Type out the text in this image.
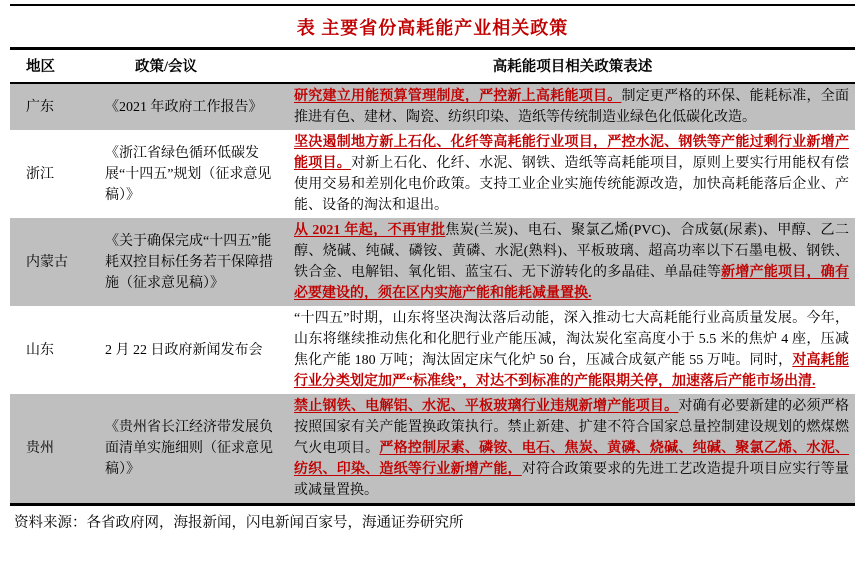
表 主要省份高耗能产业相关政策
地区	政策/会议	高耗能项目相关政策表述
广东	《2021 年政府工作报告》	研究建立用能预算管理制度，严控新上高耗能项目。制定更严格的环保、能耗标准，全面推进有色、建材、陶瓷、纺织印染、造纸等传统制造业绿色化低碳化改造。
浙江	《浙江省绿色循环低碳发展“十四五”规划（征求意见稿）》	坚决遏制地方新上石化、化纤等高耗能行业项目，严控水泥、钢铁等产能过剩行业新增产能项目。对新上石化、化纤、水泥、钢铁、造纸等高耗能项目，原则上要实行用能权有偿使用交易和差别化电价政策。支持工业企业实施传统能源改造，加快高耗能落后企业、产能、设备的淘汰和退出。
内蒙古	《关于确保完成“十四五”能耗双控目标任务若干保障措施（征求意见稿）》	从 2021 年起，不再审批焦炭(兰炭)、电石、聚氯乙烯(PVC)、合成氨(尿素)、甲醇、乙二醇、烧碱、纯碱、磷铵、黄磷、水泥(熟料)、平板玻璃、超高功率以下石墨电极、钢铁、铁合金、电解铝、氧化铝、蓝宝石、无下游转化的多晶硅、单晶硅等新增产能项目，确有必要建设的，须在区内实施产能和能耗减量置换.
山东	2 月 22 日政府新闻发布会	“十四五”时期，山东将坚决淘汰落后动能，深入推动七大高耗能行业高质量发展。今年，山东将继续推动焦化和化肥行业产能压减，淘汰炭化室高度小于 5.5 米的焦炉 4 座，压减焦化产能 180 万吨；淘汰固定床气化炉 50 台，压减合成氨产能 55 万吨。同时，对高耗能行业分类划定加严“标准线”，对达不到标准的产能限期关停，加速落后产能市场出清.
贵州	《贵州省长江经济带发展负面清单实施细则（征求意见稿）》	禁止钢铁、电解铝、水泥、平板玻璃行业违规新增产能项目。对确有必要新建的必须严格按照国家有关产能置换政策执行。禁止新建、扩建不符合国家总量控制建设规划的燃煤燃气火电项目。严格控制尿素、磷铵、电石、焦炭、黄磷、烧碱、纯碱、聚氯乙烯、水泥、纺织、印染、造纸等行业新增产能，对符合政策要求的先进工艺改造提升项目应实行等量或减量置换。
资料来源：各省政府网，海报新闻，闪电新闻百家号，海通证券研究所
